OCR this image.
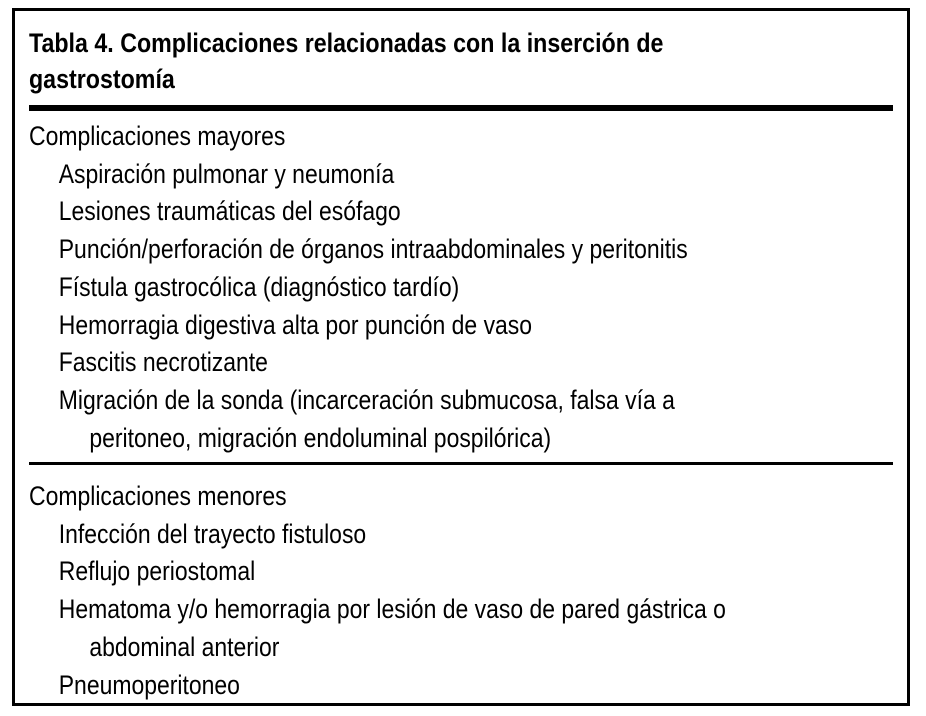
Tabla 4. Complicaciones relacionadas con la inserción de
gastrostomía
Complicaciones mayores
Aspiración pulmonar y neumonía
Lesiones traumáticas del esófago
Punción/perforación de órganos intraabdominales y peritonitis
Fístula gastrocólica (diagnóstico tardío)
Hemorragia digestiva alta por punción de vaso
Fascitis necrotizante
Migración de la sonda (incarceración submucosa, falsa vía a
peritoneo, migración endoluminal pospilórica)
Complicaciones menores
Infección del trayecto fistuloso
Reflujo periostomal
Hematoma y/o hemorragia por lesión de vaso de pared gástrica o
abdominal anterior
Pneumoperitoneo
